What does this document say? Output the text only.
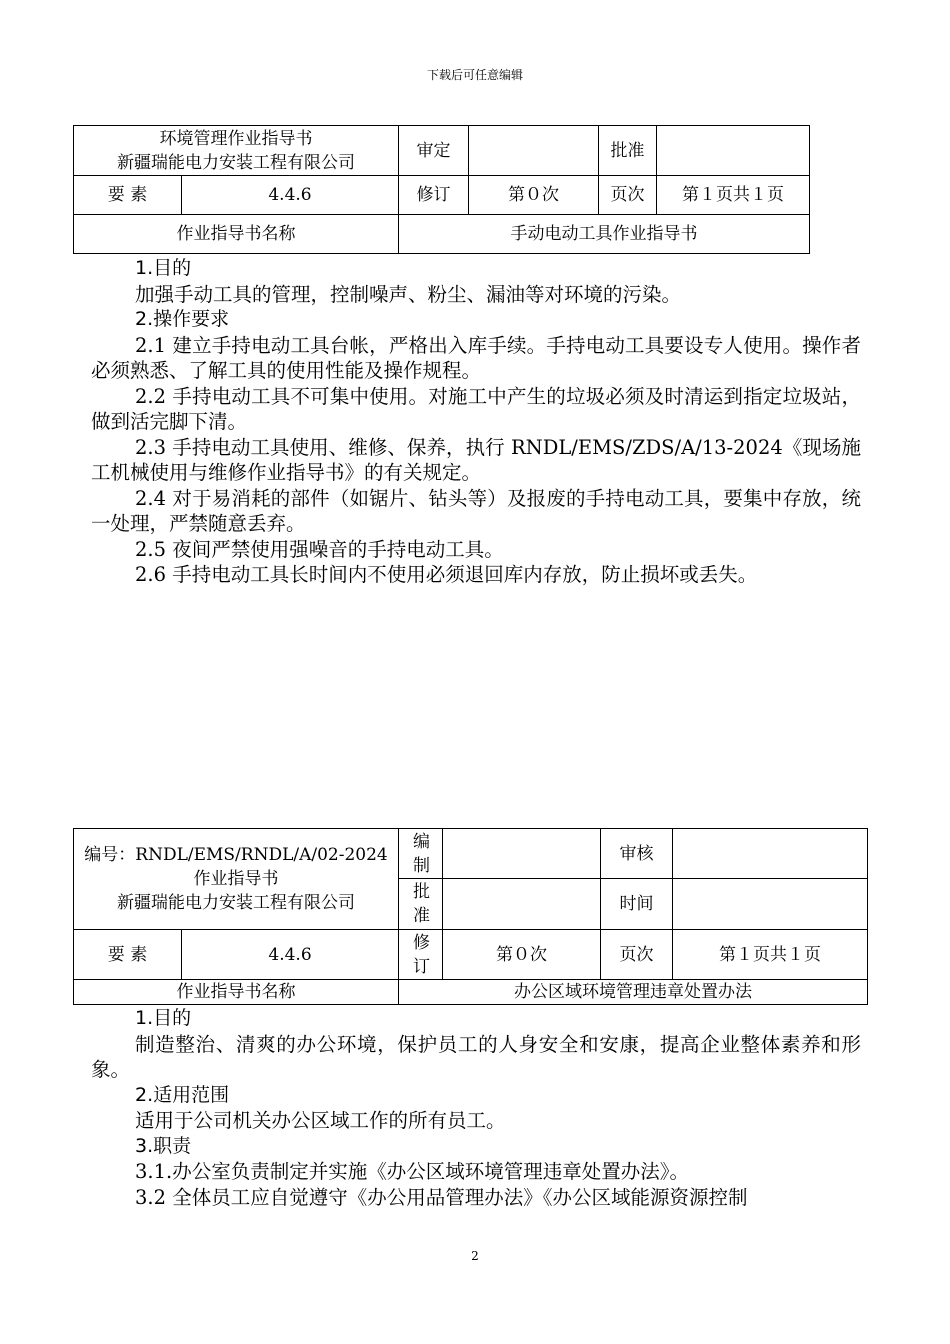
下载后可任意编辑
环境管理作业指导书
新疆瑞能电力安装工程有限公司		审定		批准	
要 素	4.4.6	修订	第０次	页次	第１页共１页
作业指导书名称		手动电动工具作业指导书			

1.目的

加强手动工具的管理，控制噪声、粉尘、漏油等对环境的污染。

2.操作要求

2.1 建立手持电动工具台帐，严格出入库手续。手持电动工具要设专人使用。操作者必须熟悉、了解工具的使用性能及操作规程。

2.2 手持电动工具不可集中使用。对施工中产生的垃圾必须及时清运到指定垃圾站，做到活完脚下清。

2.3 手持电动工具使用、维修、保养，执行 RNDL/EMS/ZDS/A/13-2024《现场施工机械使用与维修作业指导书》的有关规定。

2.4 对于易消耗的部件（如锯片、钻头等）及报废的手持电动工具，要集中存放，统一处理，严禁随意丢弃。

2.5 夜间严禁使用强噪音的手持电动工具。

2.6 手持电动工具长时间内不使用必须退回库内存放，防止损坏或丢失。

编号：RNDL/EMS/RNDL/A/02-2024
作业指导书
新疆瑞能电力安装工程有限公司		编制		审核	
		批准		时间	
要 素	4.4.6	修订	第０次	页次	第１页共１页
作业指导书名称		办公区域环境管理违章处置办法			

1.目的

制造整治、清爽的办公环境，保护员工的人身安全和安康，提高企业整体素养和形象。

2.适用范围

适用于公司机关办公区域工作的所有员工。

3.职责

3.1.办公室负责制定并实施《办公区域环境管理违章处置办法》。

3.2 全体员工应自觉遵守《办公用品管理办法》《办公区域能源资源控制

2
